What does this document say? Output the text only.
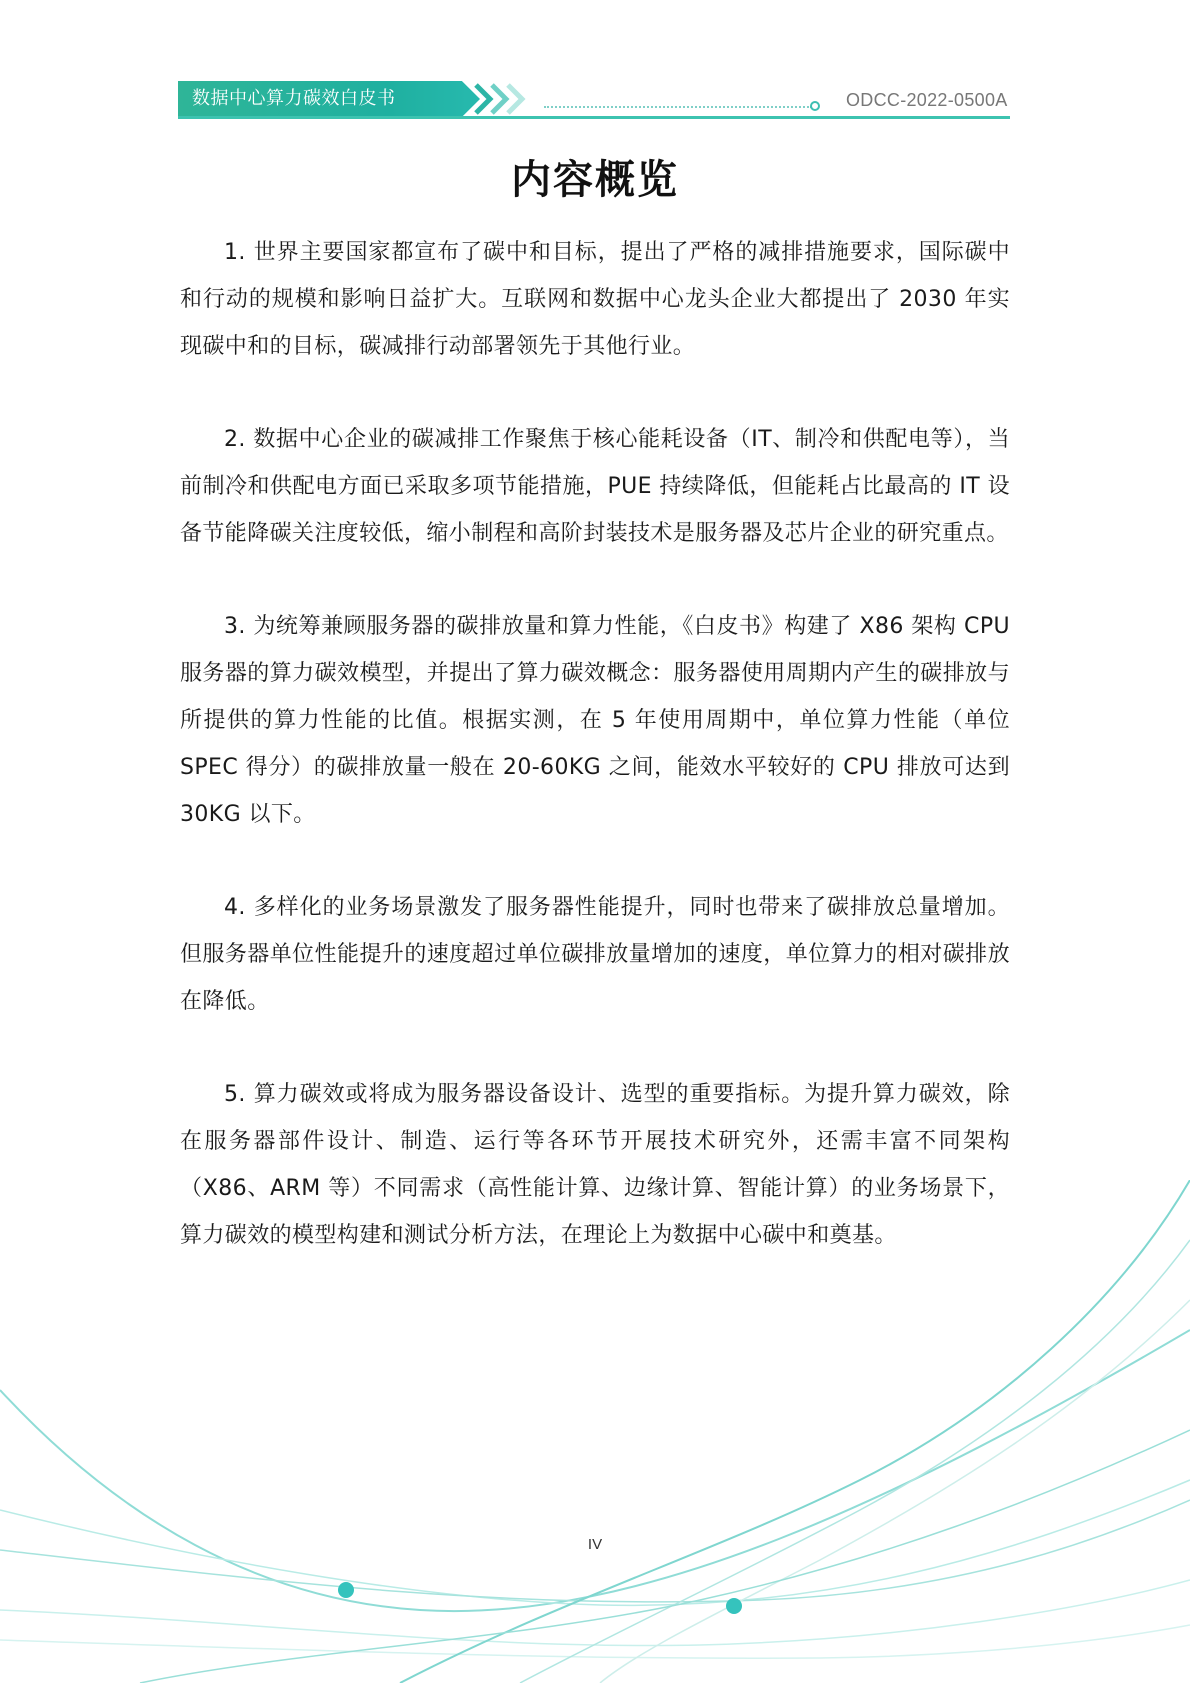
数据中心算力碳效白皮书	ODCC-2022-0500A
内容概览

1. 世界主要国家都宣布了碳中和目标，提出了严格的减排措施要求，国际碳中和行动的规模和影响日益扩大。互联网和数据中心龙头企业大都提出了 2030 年实现碳中和的目标，碳减排行动部署领先于其他行业。

2. 数据中心企业的碳减排工作聚焦于核心能耗设备（IT、制冷和供配电等），当前制冷和供配电方面已采取多项节能措施，PUE 持续降低，但能耗占比最高的 IT 设备节能降碳关注度较低，缩小制程和高阶封装技术是服务器及芯片企业的研究重点。

3. 为统筹兼顾服务器的碳排放量和算力性能，《白皮书》构建了 X86 架构 CPU 服务器的算力碳效模型，并提出了算力碳效概念：服务器使用周期内产生的碳排放与所提供的算力性能的比值。根据实测，在 5 年使用周期中，单位算力性能（单位 SPEC 得分）的碳排放量一般在 20-60KG 之间，能效水平较好的 CPU 排放可达到 30KG 以下。

4. 多样化的业务场景激发了服务器性能提升，同时也带来了碳排放总量增加。但服务器单位性能提升的速度超过单位碳排放量增加的速度，单位算力的相对碳排放在降低。

5. 算力碳效或将成为服务器设备设计、选型的重要指标。为提升算力碳效，除在服务器部件设计、制造、运行等各环节开展技术研究外，还需丰富不同架构（X86、ARM 等）不同需求（高性能计算、边缘计算、智能计算）的业务场景下，算力碳效的模型构建和测试分析方法，在理论上为数据中心碳中和奠基。

IV
